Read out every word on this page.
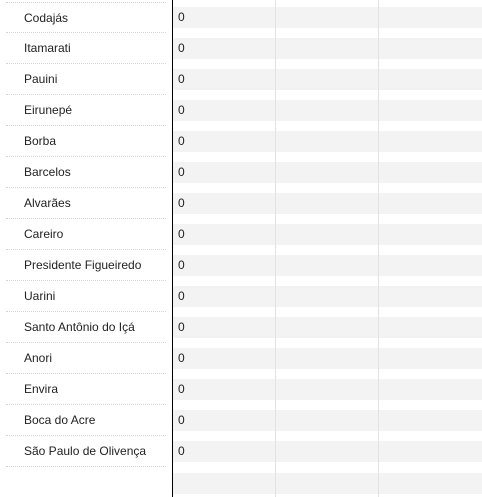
Codajás	0
Itamarati	0
Pauini	0
Eirunepé	0
Borba	0
Barcelos	0
Alvarães	0
Careiro	0
Presidente Figueiredo	0
Uarini	0
Santo Antônio do Içá	0
Anori	0
Envira	0
Boca do Acre	0
São Paulo de Olivença	0
